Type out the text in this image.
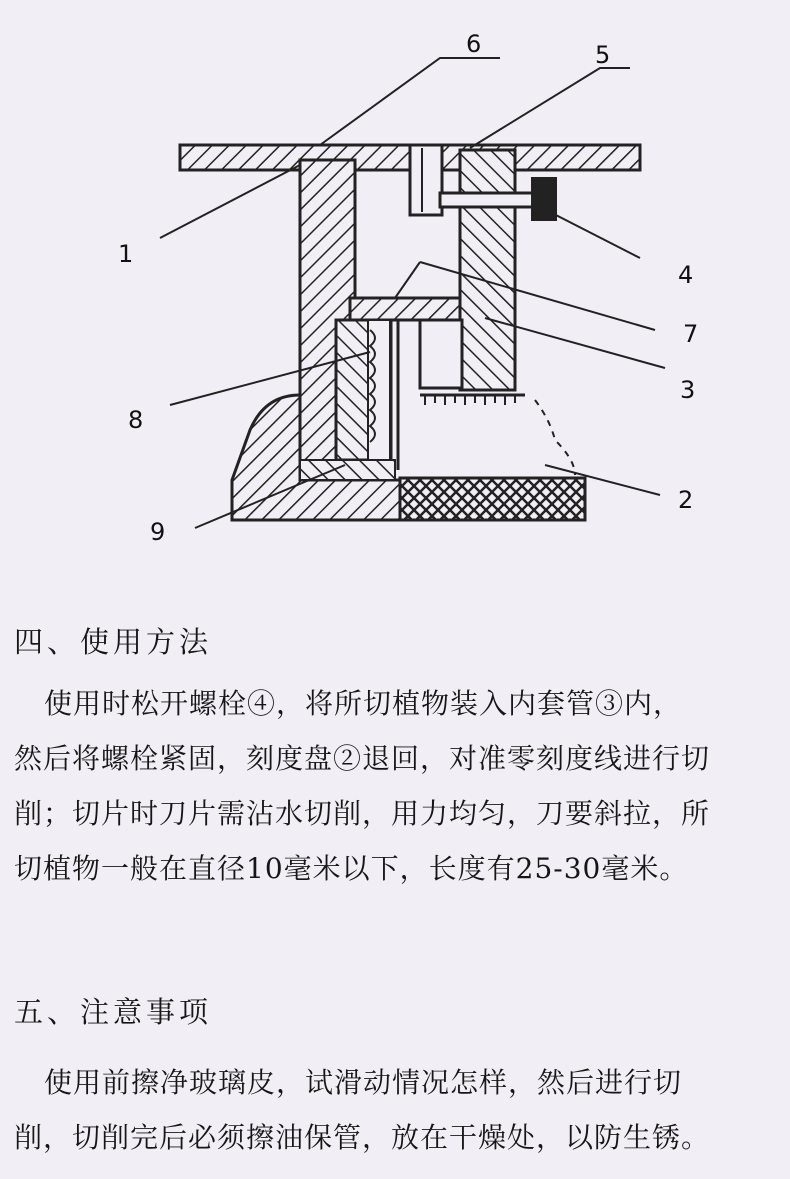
6	5
1
4
7
3
8
2
9
四、使用方法
使用时松开螺栓④，将所切植物装入内套管③内，
然后将螺栓紧固，刻度盘②退回，对准零刻度线进行切
削；切片时刀片需沾水切削，用力均匀，刀要斜拉，所
切植物一般在直径10毫米以下，长度有25-30毫米。
五、注意事项
使用前擦净玻璃皮，试滑动情况怎样，然后进行切
削，切削完后必须擦油保管，放在干燥处，以防生锈。
